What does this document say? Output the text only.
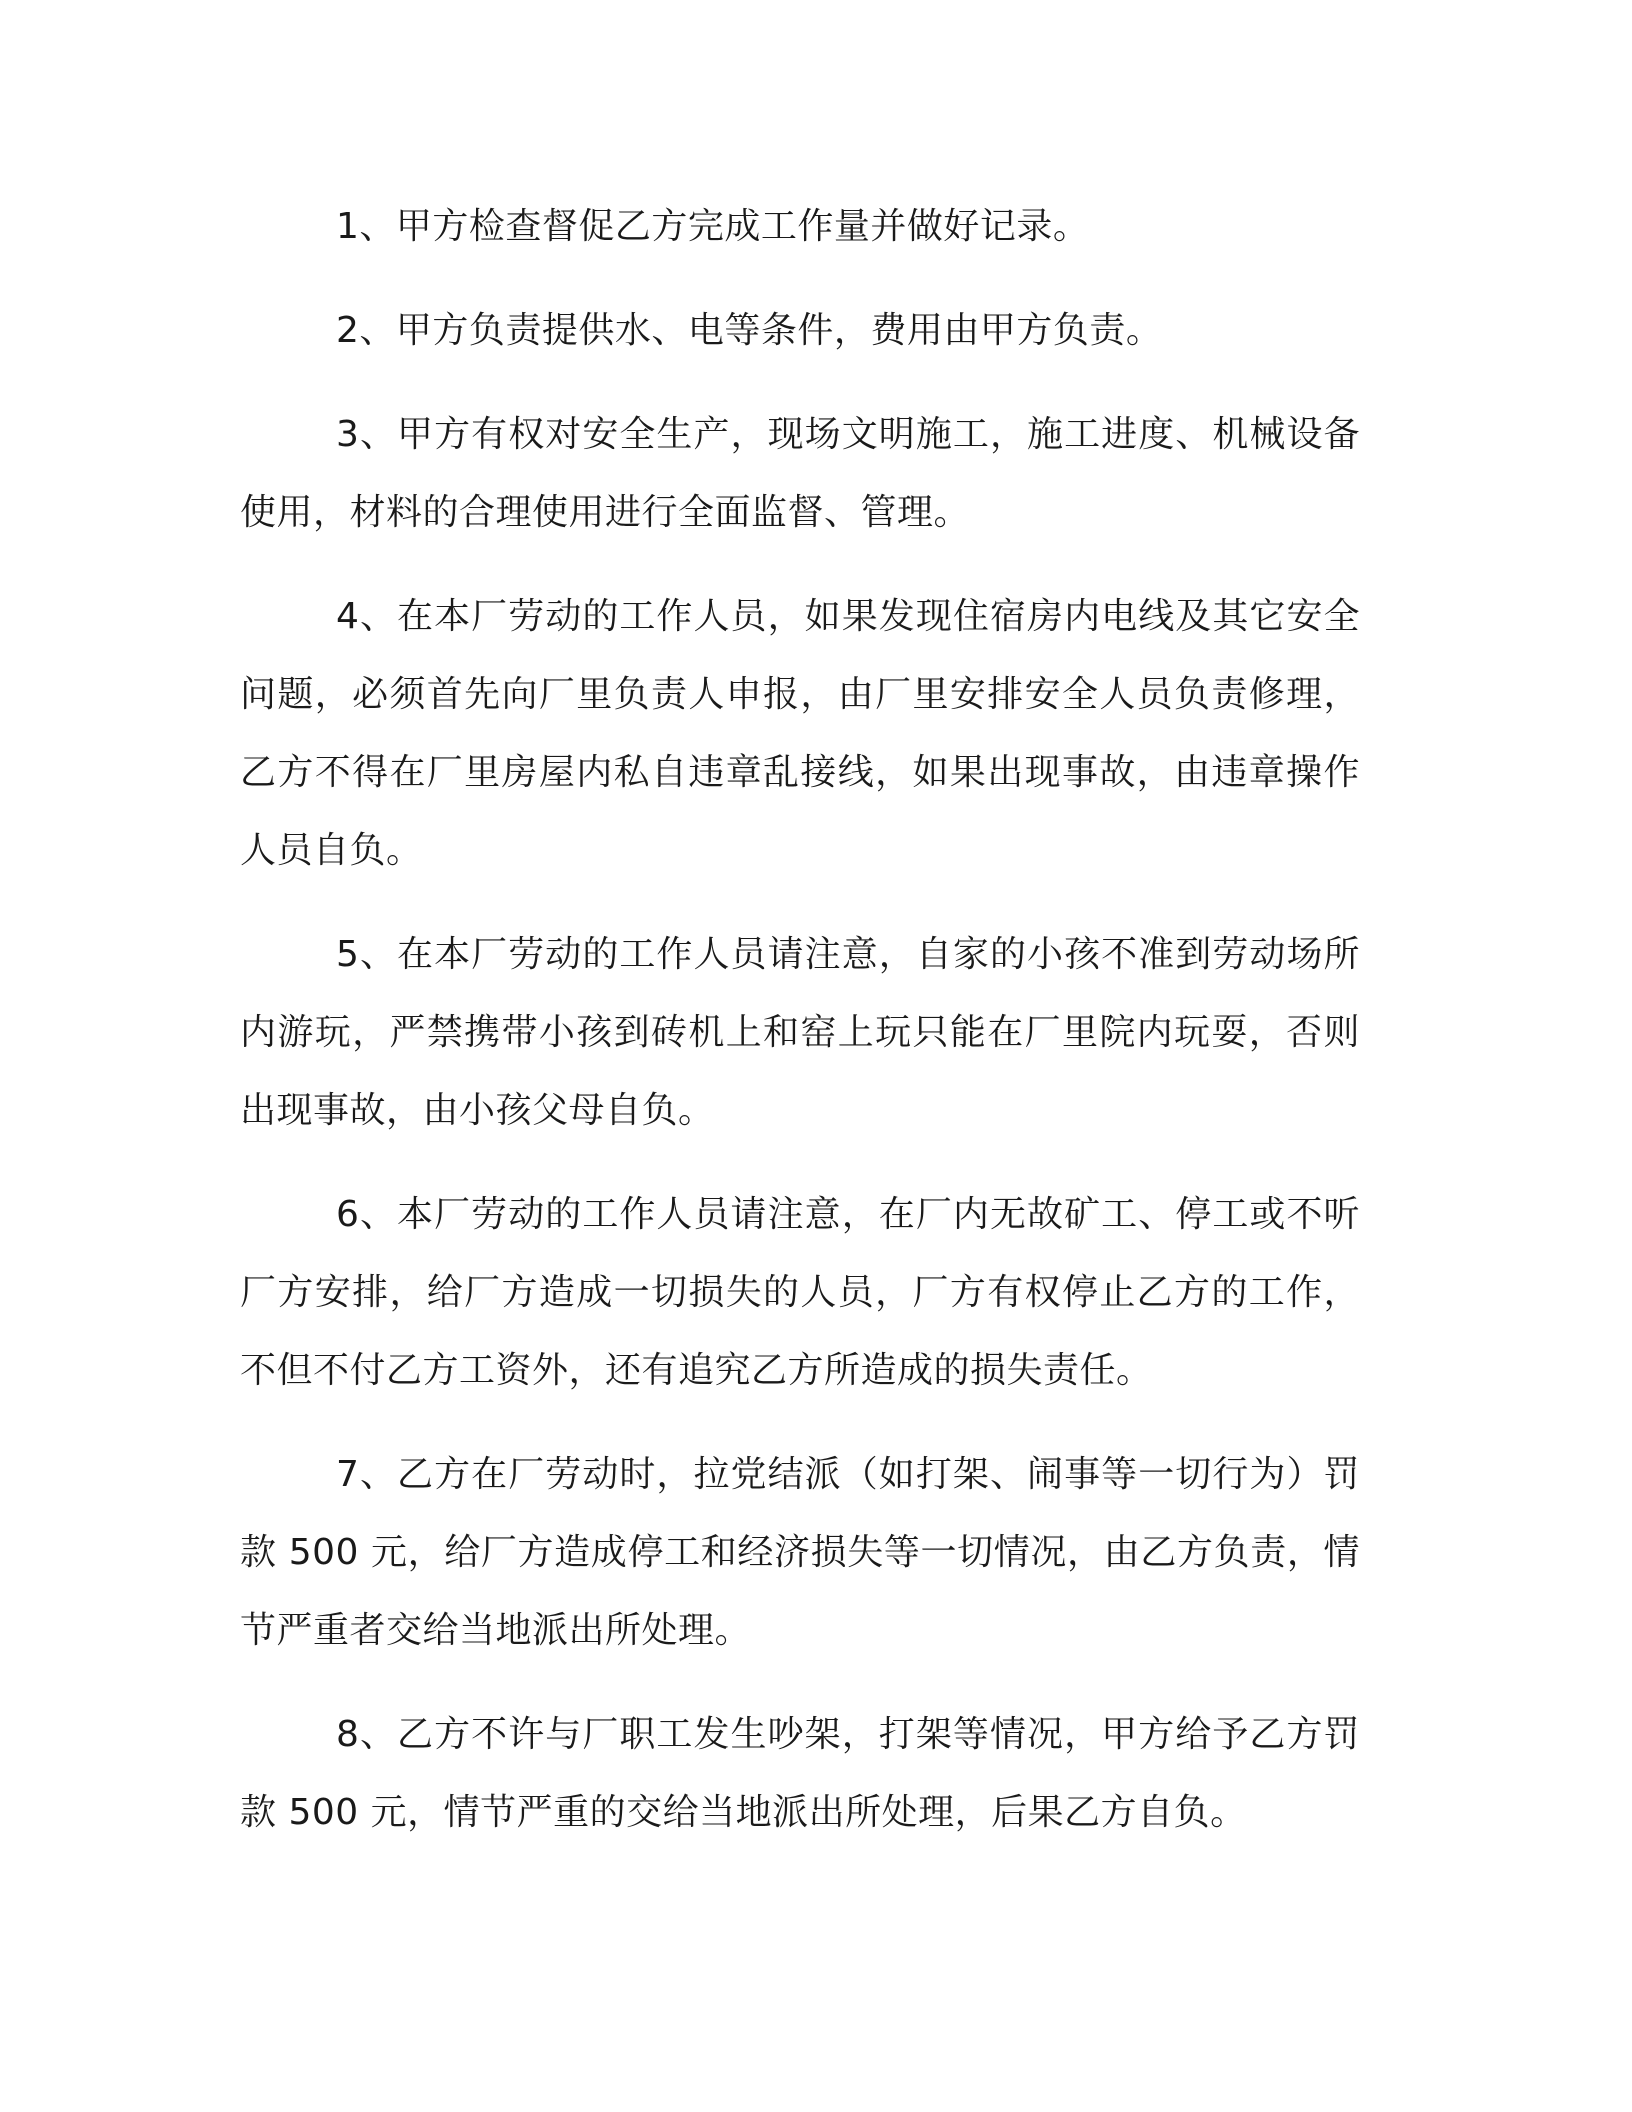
1、甲方检查督促乙方完成工作量并做好记录。

2、甲方负责提供水、电等条件，费用由甲方负责。

3、甲方有权对安全生产，现场文明施工，施工进度、机械设备使用，材料的合理使用进行全面监督、管理。

4、在本厂劳动的工作人员，如果发现住宿房内电线及其它安全问题，必须首先向厂里负责人申报，由厂里安排安全人员负责修理，乙方不得在厂里房屋内私自违章乱接线，如果出现事故，由违章操作人员自负。

5、在本厂劳动的工作人员请注意，自家的小孩不准到劳动场所内游玩，严禁携带小孩到砖机上和窑上玩只能在厂里院内玩耍，否则出现事故，由小孩父母自负。

6、本厂劳动的工作人员请注意，在厂内无故矿工、停工或不听厂方安排，给厂方造成一切损失的人员，厂方有权停止乙方的工作，不但不付乙方工资外，还有追究乙方所造成的损失责任。

7、乙方在厂劳动时，拉党结派（如打架、闹事等一切行为）罚款 500 元，给厂方造成停工和经济损失等一切情况，由乙方负责，情节严重者交给当地派出所处理。

8、乙方不许与厂职工发生吵架，打架等情况，甲方给予乙方罚款 500 元，情节严重的交给当地派出所处理，后果乙方自负。
